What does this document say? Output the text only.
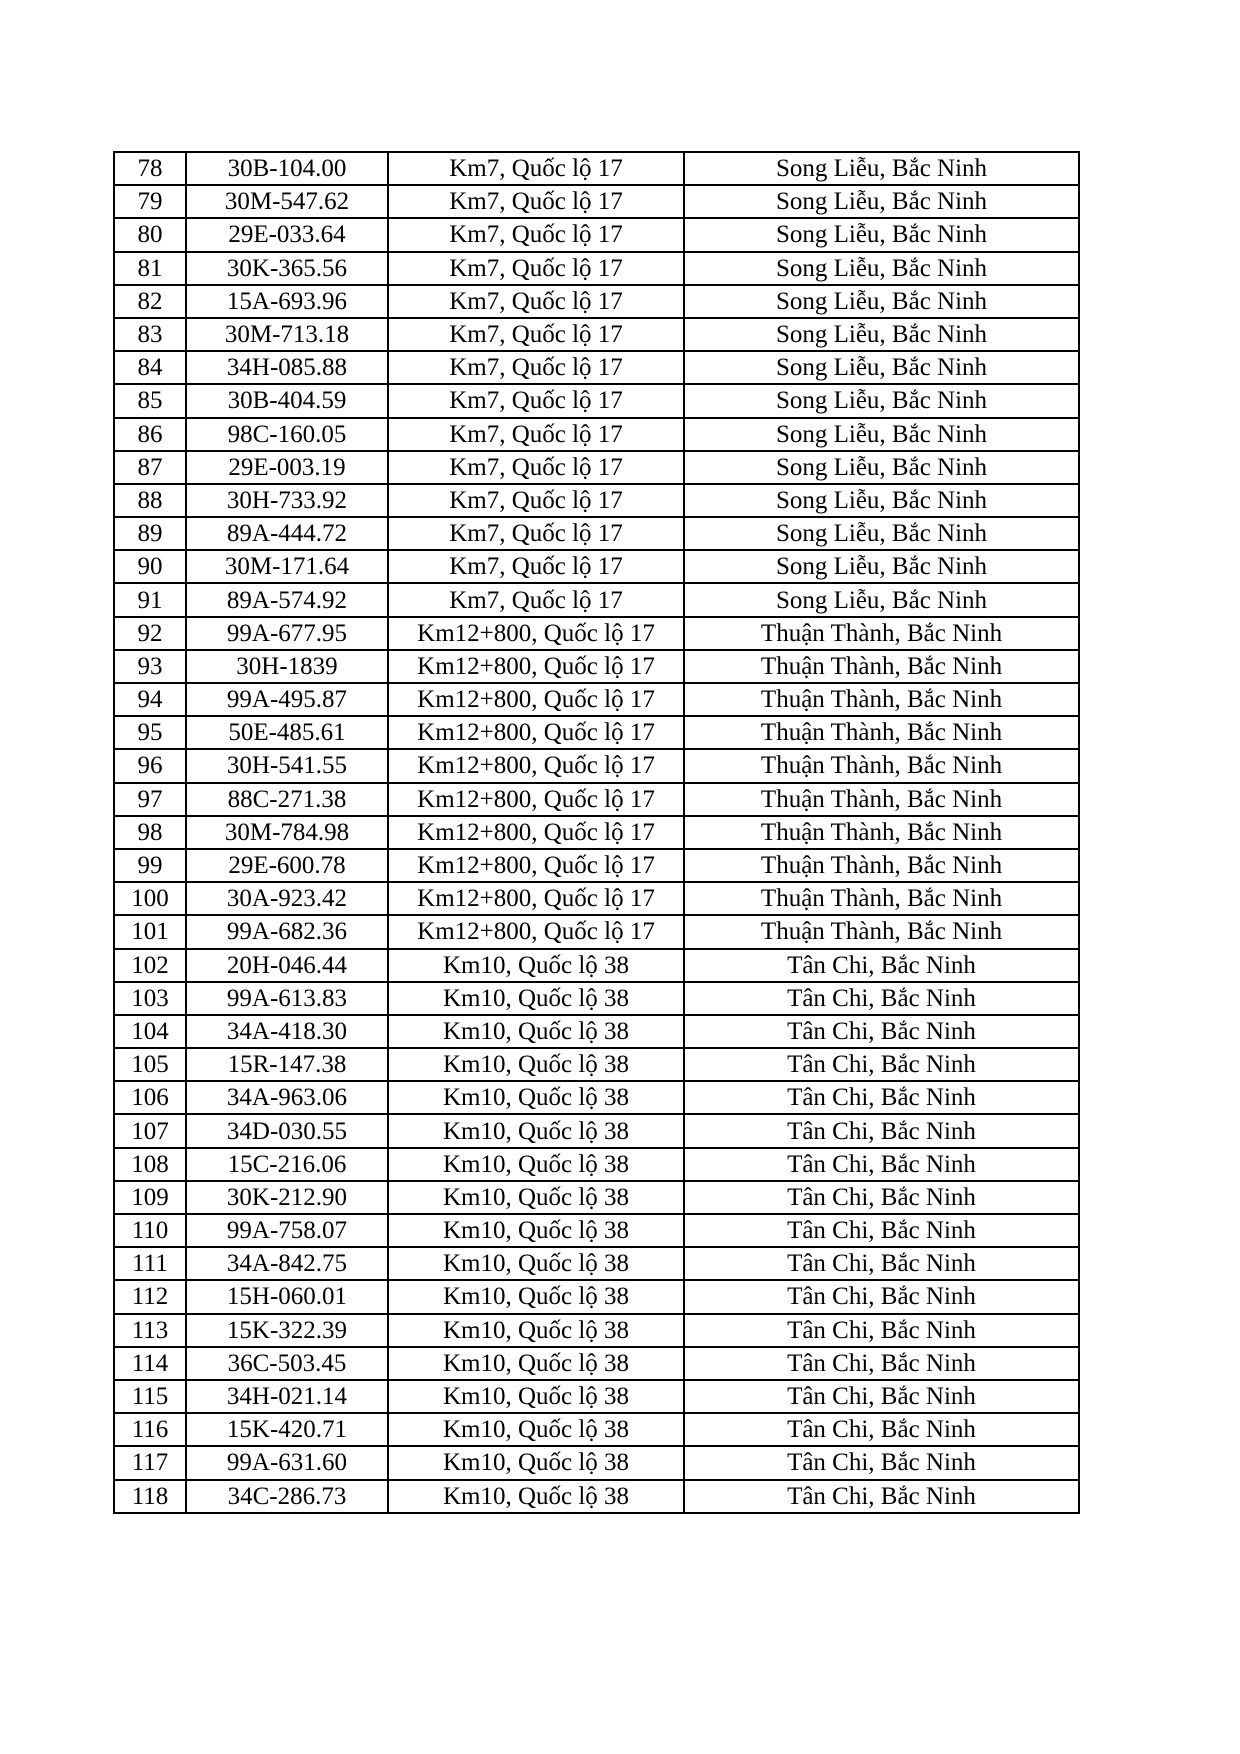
78	30B-104.00	Km7, Quốc lộ 17	Song Liễu, Bắc Ninh
79	30M-547.62	Km7, Quốc lộ 17	Song Liễu, Bắc Ninh
80	29E-033.64	Km7, Quốc lộ 17	Song Liễu, Bắc Ninh
81	30K-365.56	Km7, Quốc lộ 17	Song Liễu, Bắc Ninh
82	15A-693.96	Km7, Quốc lộ 17	Song Liễu, Bắc Ninh
83	30M-713.18	Km7, Quốc lộ 17	Song Liễu, Bắc Ninh
84	34H-085.88	Km7, Quốc lộ 17	Song Liễu, Bắc Ninh
85	30B-404.59	Km7, Quốc lộ 17	Song Liễu, Bắc Ninh
86	98C-160.05	Km7, Quốc lộ 17	Song Liễu, Bắc Ninh
87	29E-003.19	Km7, Quốc lộ 17	Song Liễu, Bắc Ninh
88	30H-733.92	Km7, Quốc lộ 17	Song Liễu, Bắc Ninh
89	89A-444.72	Km7, Quốc lộ 17	Song Liễu, Bắc Ninh
90	30M-171.64	Km7, Quốc lộ 17	Song Liễu, Bắc Ninh
91	89A-574.92	Km7, Quốc lộ 17	Song Liễu, Bắc Ninh
92	99A-677.95	Km12+800, Quốc lộ 17	Thuận Thành, Bắc Ninh
93	30H-1839	Km12+800, Quốc lộ 17	Thuận Thành, Bắc Ninh
94	99A-495.87	Km12+800, Quốc lộ 17	Thuận Thành, Bắc Ninh
95	50E-485.61	Km12+800, Quốc lộ 17	Thuận Thành, Bắc Ninh
96	30H-541.55	Km12+800, Quốc lộ 17	Thuận Thành, Bắc Ninh
97	88C-271.38	Km12+800, Quốc lộ 17	Thuận Thành, Bắc Ninh
98	30M-784.98	Km12+800, Quốc lộ 17	Thuận Thành, Bắc Ninh
99	29E-600.78	Km12+800, Quốc lộ 17	Thuận Thành, Bắc Ninh
100	30A-923.42	Km12+800, Quốc lộ 17	Thuận Thành, Bắc Ninh
101	99A-682.36	Km12+800, Quốc lộ 17	Thuận Thành, Bắc Ninh
102	20H-046.44	Km10, Quốc lộ 38	Tân Chi, Bắc Ninh
103	99A-613.83	Km10, Quốc lộ 38	Tân Chi, Bắc Ninh
104	34A-418.30	Km10, Quốc lộ 38	Tân Chi, Bắc Ninh
105	15R-147.38	Km10, Quốc lộ 38	Tân Chi, Bắc Ninh
106	34A-963.06	Km10, Quốc lộ 38	Tân Chi, Bắc Ninh
107	34D-030.55	Km10, Quốc lộ 38	Tân Chi, Bắc Ninh
108	15C-216.06	Km10, Quốc lộ 38	Tân Chi, Bắc Ninh
109	30K-212.90	Km10, Quốc lộ 38	Tân Chi, Bắc Ninh
110	99A-758.07	Km10, Quốc lộ 38	Tân Chi, Bắc Ninh
111	34A-842.75	Km10, Quốc lộ 38	Tân Chi, Bắc Ninh
112	15H-060.01	Km10, Quốc lộ 38	Tân Chi, Bắc Ninh
113	15K-322.39	Km10, Quốc lộ 38	Tân Chi, Bắc Ninh
114	36C-503.45	Km10, Quốc lộ 38	Tân Chi, Bắc Ninh
115	34H-021.14	Km10, Quốc lộ 38	Tân Chi, Bắc Ninh
116	15K-420.71	Km10, Quốc lộ 38	Tân Chi, Bắc Ninh
117	99A-631.60	Km10, Quốc lộ 38	Tân Chi, Bắc Ninh
118	34C-286.73	Km10, Quốc lộ 38	Tân Chi, Bắc Ninh
